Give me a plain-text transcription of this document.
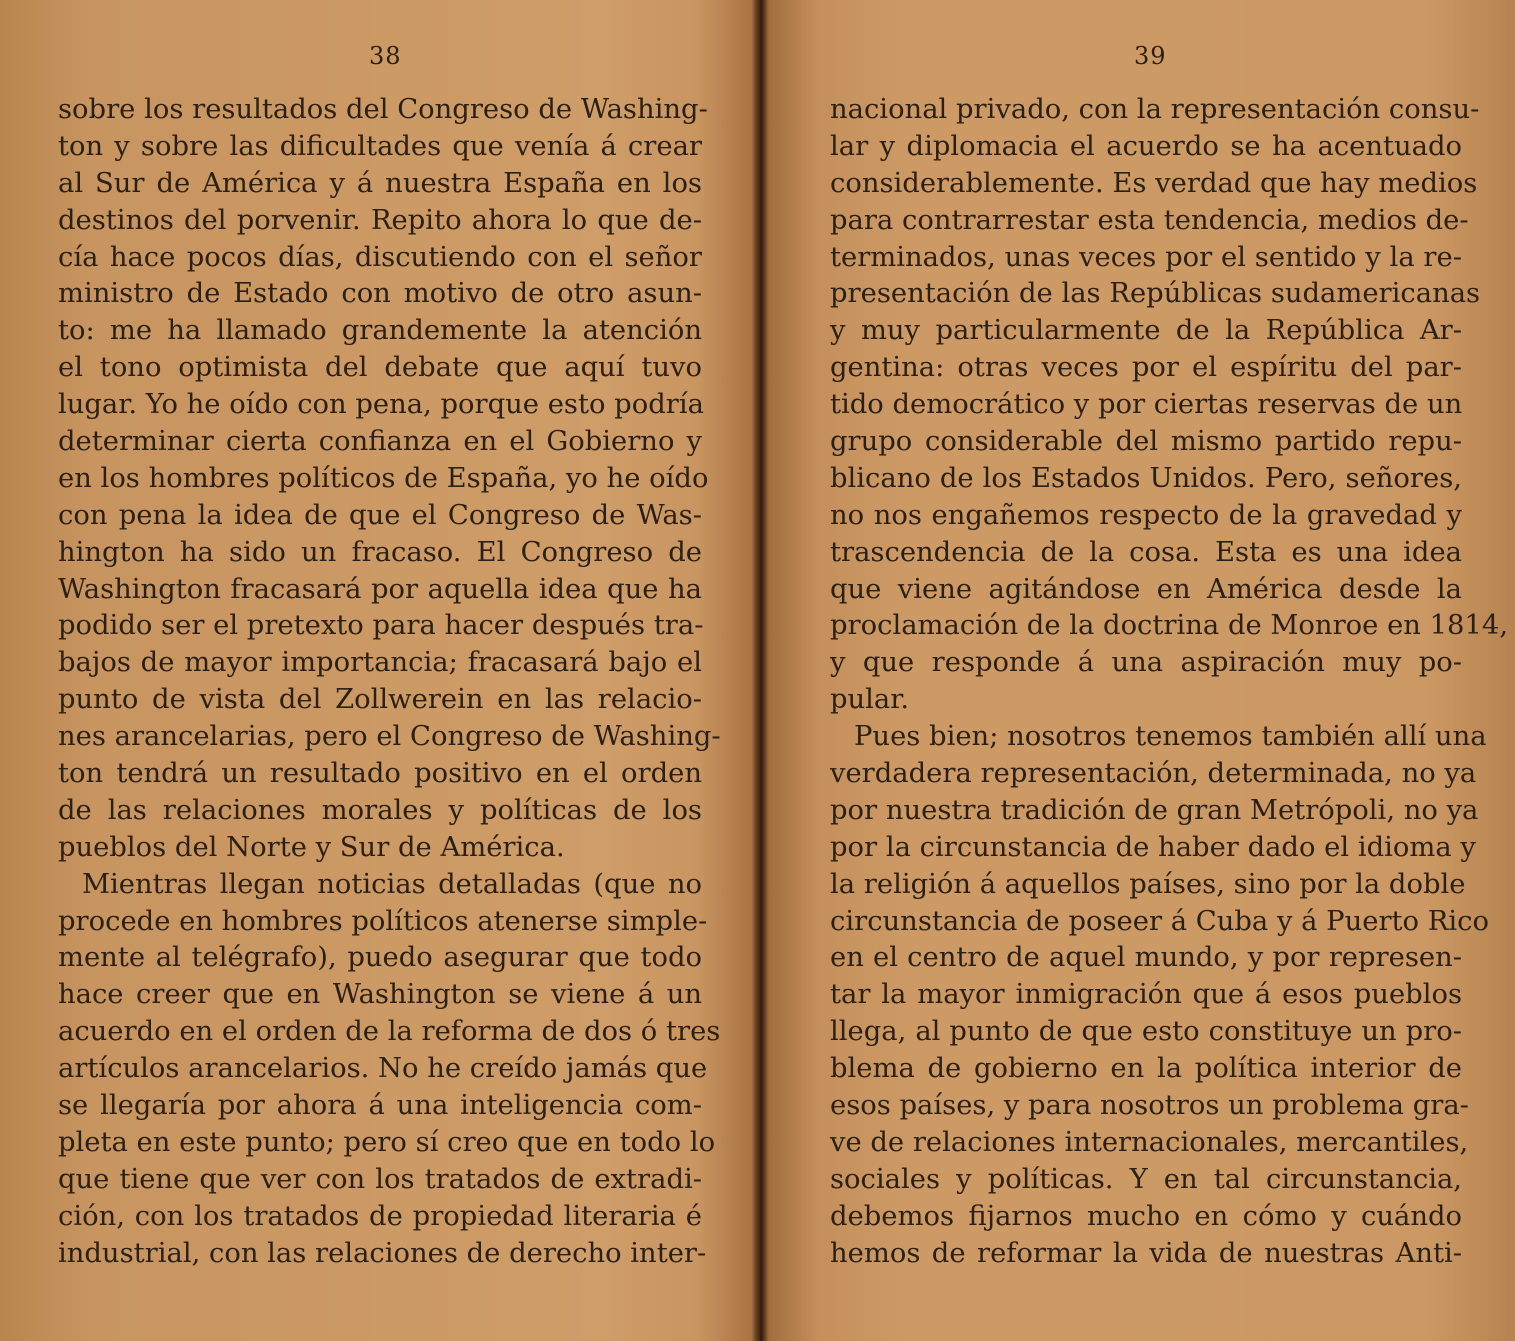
38
sobre los resultados del Congreso de Washing-
ton y sobre las dificultades que venía á crear
al Sur de América y á nuestra España en los
destinos del porvenir. Repito ahora lo que de-
cía hace pocos días, discutiendo con el señor
ministro de Estado con motivo de otro asun-
to: me ha llamado grandemente la atención
el tono optimista del debate que aquí tuvo
lugar. Yo he oído con pena, porque esto podría
determinar cierta confianza en el Gobierno y
en los hombres políticos de España, yo he oído
con pena la idea de que el Congreso de Was-
hington ha sido un fracaso. El Congreso de
Washington fracasará por aquella idea que ha
podido ser el pretexto para hacer después tra-
bajos de mayor importancia; fracasará bajo el
punto de vista del Zollwerein en las relacio-
nes arancelarias, pero el Congreso de Washing-
ton tendrá un resultado positivo en el orden
de las relaciones morales y políticas de los
pueblos del Norte y Sur de América.
Mientras llegan noticias detalladas (que no
procede en hombres políticos atenerse simple-
mente al telégrafo), puedo asegurar que todo
hace creer que en Washington se viene á un
acuerdo en el orden de la reforma de dos ó tres
artículos arancelarios. No he creído jamás que
se llegaría por ahora á una inteligencia com-
pleta en este punto; pero sí creo que en todo lo
que tiene que ver con los tratados de extradi-
ción, con los tratados de propiedad literaria é
industrial, con las relaciones de derecho inter-
39
nacional privado, con la representación consu-
lar y diplomacia el acuerdo se ha acentuado
considerablemente. Es verdad que hay medios
para contrarrestar esta tendencia, medios de-
terminados, unas veces por el sentido y la re-
presentación de las Repúblicas sudamericanas
y muy particularmente de la República Ar-
gentina: otras veces por el espíritu del par-
tido democrático y por ciertas reservas de un
grupo considerable del mismo partido repu-
blicano de los Estados Unidos. Pero, señores,
no nos engañemos respecto de la gravedad y
trascendencia de la cosa. Esta es una idea
que viene agitándose en América desde la
proclamación de la doctrina de Monroe en 1814,
y que responde á una aspiración muy po-
pular.
Pues bien; nosotros tenemos también allí una
verdadera representación, determinada, no ya
por nuestra tradición de gran Metrópoli, no ya
por la circunstancia de haber dado el idioma y
la religión á aquellos países, sino por la doble
circunstancia de poseer á Cuba y á Puerto Rico
en el centro de aquel mundo, y por represen-
tar la mayor inmigración que á esos pueblos
llega, al punto de que esto constituye un pro-
blema de gobierno en la política interior de
esos países, y para nosotros un problema gra-
ve de relaciones internacionales, mercantiles,
sociales y políticas. Y en tal circunstancia,
debemos fijarnos mucho en cómo y cuándo
hemos de reformar la vida de nuestras Anti-
